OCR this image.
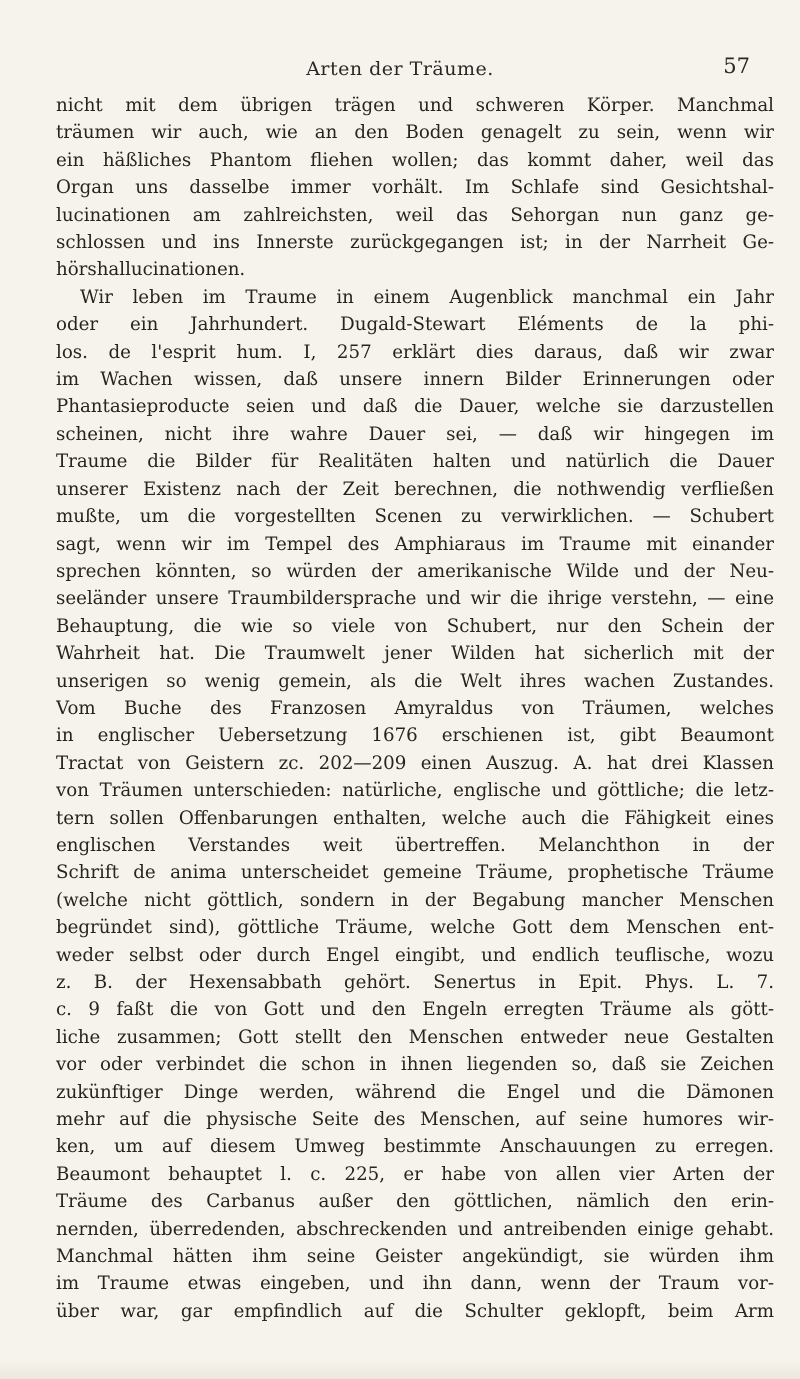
Arten der Träume.	57
nicht mit dem übrigen trägen und schweren Körper. Manchmal
träumen wir auch, wie an den Boden genagelt zu sein, wenn wir
ein häßliches Phantom fliehen wollen; das kommt daher, weil das
Organ uns dasselbe immer vorhält. Im Schlafe sind Gesichtshal-
lucinationen am zahlreichsten, weil das Sehorgan nun ganz ge-
schlossen und ins Innerste zurückgegangen ist; in der Narrheit Ge-
hörshallucinationen.
Wir leben im Traume in einem Augenblick manchmal ein Jahr
oder ein Jahrhundert. Dugald-Stewart Eléments de la phi-
los. de l'esprit hum. I, 257 erklärt dies daraus, daß wir zwar
im Wachen wissen, daß unsere innern Bilder Erinnerungen oder
Phantasieproducte seien und daß die Dauer, welche sie darzustellen
scheinen, nicht ihre wahre Dauer sei, — daß wir hingegen im
Traume die Bilder für Realitäten halten und natürlich die Dauer
unserer Existenz nach der Zeit berechnen, die nothwendig verfließen
mußte, um die vorgestellten Scenen zu verwirklichen. — Schubert
sagt, wenn wir im Tempel des Amphiaraus im Traume mit einander
sprechen könnten, so würden der amerikanische Wilde und der Neu-
seeländer unsere Traumbildersprache und wir die ihrige verstehn, — eine
Behauptung, die wie so viele von Schubert, nur den Schein der
Wahrheit hat. Die Traumwelt jener Wilden hat sicherlich mit der
unserigen so wenig gemein, als die Welt ihres wachen Zustandes.
Vom Buche des Franzosen Amyraldus von Träumen, welches
in englischer Uebersetzung 1676 erschienen ist, gibt Beaumont
Tractat von Geistern zc. 202—209 einen Auszug. A. hat drei Klassen
von Träumen unterschieden: natürliche, englische und göttliche; die letz-
tern sollen Offenbarungen enthalten, welche auch die Fähigkeit eines
englischen Verstandes weit übertreffen. Melanchthon in der
Schrift de anima unterscheidet gemeine Träume, prophetische Träume
(welche nicht göttlich, sondern in der Begabung mancher Menschen
begründet sind), göttliche Träume, welche Gott dem Menschen ent-
weder selbst oder durch Engel eingibt, und endlich teuflische, wozu
z. B. der Hexensabbath gehört. Senertus in Epit. Phys. L. 7.
c. 9 faßt die von Gott und den Engeln erregten Träume als gött-
liche zusammen; Gott stellt den Menschen entweder neue Gestalten
vor oder verbindet die schon in ihnen liegenden so, daß sie Zeichen
zukünftiger Dinge werden, während die Engel und die Dämonen
mehr auf die physische Seite des Menschen, auf seine humores wir-
ken, um auf diesem Umweg bestimmte Anschauungen zu erregen.
Beaumont behauptet l. c. 225, er habe von allen vier Arten der
Träume des Carbanus außer den göttlichen, nämlich den erin-
nernden, überredenden, abschreckenden und antreibenden einige gehabt.
Manchmal hätten ihm seine Geister angekündigt, sie würden ihm
im Traume etwas eingeben, und ihn dann, wenn der Traum vor-
über war, gar empfindlich auf die Schulter geklopft, beim Arm
